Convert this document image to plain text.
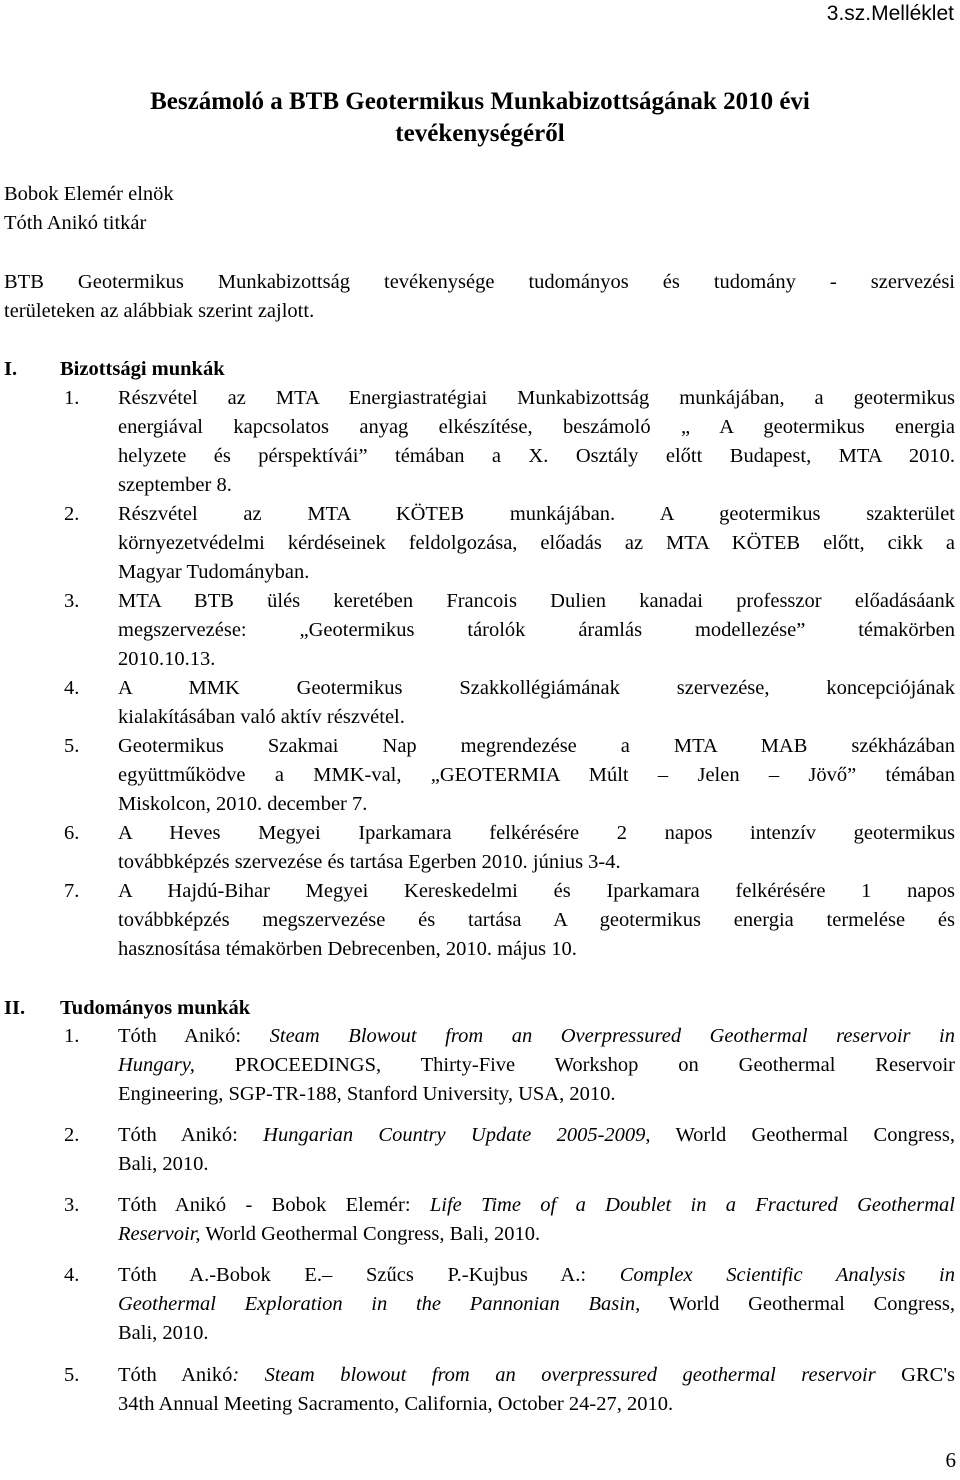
3.sz.Melléklet
Beszámoló a BTB Geotermikus Munkabizottságának 2010 évi
tevékenységéről
Bobok Elemér elnök
Tóth Anikó titkár
BTB Geotermikus Munkabizottság tevékenysége tudományos és tudomány - szervezési
területeken az alábbiak szerint zajlott.
I. Bizottsági munkák
1. Részvétel az MTA Energiastratégiai Munkabizottság munkájában, a geotermikus
energiával kapcsolatos anyag elkészítése, beszámoló „ A geotermikus energia
helyzete és pérspektívái” témában a X. Osztály előtt Budapest, MTA 2010.
szeptember 8.
2. Részvétel az MTA KÖTEB munkájában. A geotermikus szakterület
környezetvédelmi kérdéseinek feldolgozása, előadás az MTA KÖTEB előtt, cikk a
Magyar Tudományban.
3. MTA BTB ülés keretében Francois Dulien kanadai professzor előadásáank
megszervezése: „Geotermikus tárolók áramlás modellezése” témakörben
2010.10.13.
4. A MMK Geotermikus Szakkollégiámának szervezése, koncepciójának
kialakításában való aktív részvétel.
5. Geotermikus Szakmai Nap megrendezése a MTA MAB székházában
együttműködve a MMK-val, „GEOTERMIA Múlt – Jelen – Jövő” témában
Miskolcon, 2010. december 7.
6. A Heves Megyei Iparkamara felkérésére 2 napos intenzív geotermikus
továbbképzés szervezése és tartása Egerben 2010. június 3-4.
7. A Hajdú-Bihar Megyei Kereskedelmi és Iparkamara felkérésére 1 napos
továbbképzés megszervezése és tartása A geotermikus energia termelése és
hasznosítása témakörben Debrecenben, 2010. május 10.
II. Tudományos munkák
1. Tóth Anikó: Steam Blowout from an Overpressured Geothermal reservoir in
Hungary, PROCEEDINGS, Thirty-Five Workshop on Geothermal Reservoir
Engineering, SGP-TR-188, Stanford University, USA, 2010.
2. Tóth Anikó: Hungarian Country Update 2005-2009, World Geothermal Congress,
Bali, 2010.
3. Tóth Anikó - Bobok Elemér: Life Time of a Doublet in a Fractured Geothermal
Reservoir, World Geothermal Congress, Bali, 2010.
4. Tóth A.-Bobok E.– Szűcs P.-Kujbus A.: Complex Scientific Analysis in
Geothermal Exploration in the Pannonian Basin, World Geothermal Congress,
Bali, 2010.
5. Tóth Anikó: Steam blowout from an overpressured geothermal reservoir GRC's
34th Annual Meeting Sacramento, California, October 24-27, 2010.
6
